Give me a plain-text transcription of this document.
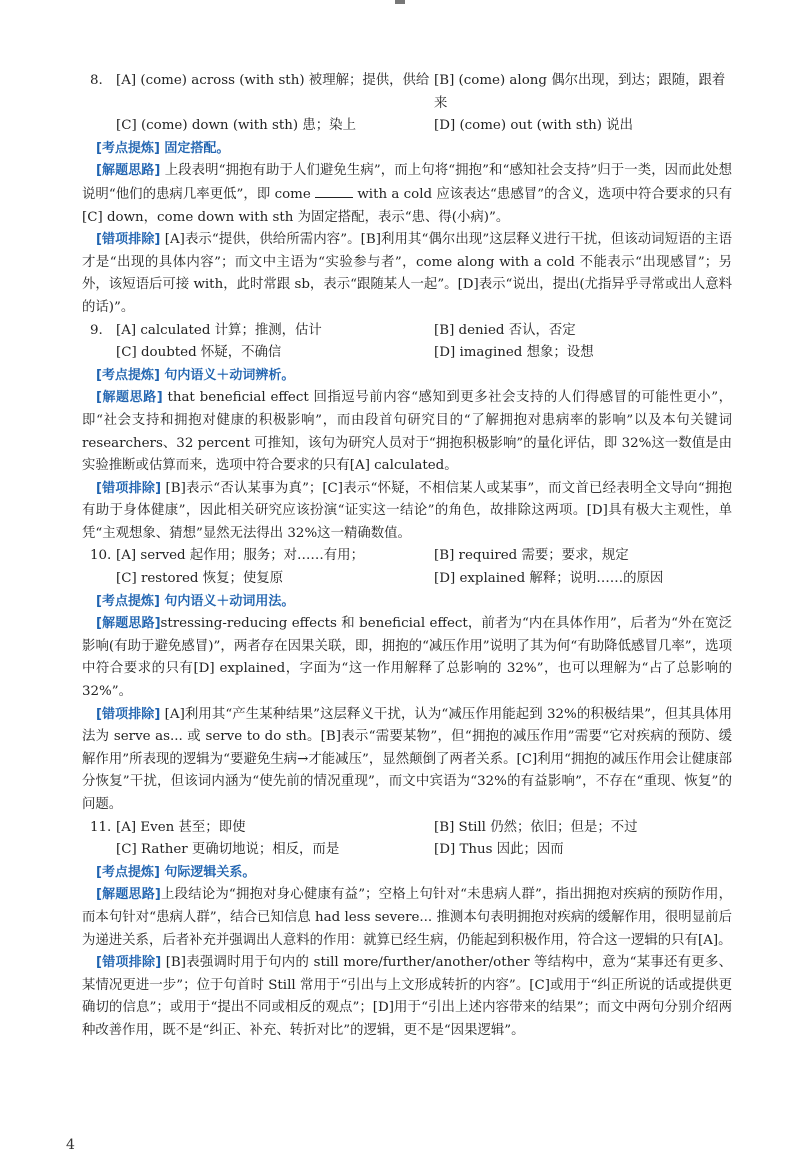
8. [A] (come) across (with sth) 被理解；提供，供给 [B] (come) along 偶尔出现，到达；跟随，跟着来
[C] (come) down (with sth) 患；染上	[D] (come) out (with sth) 说出
[考点提炼] 固定搭配。

[解题思路] 上段表明“拥抱有助于人们避免生病”，而上句将“拥抱”和“感知社会支持”归于一类，因而此处想说明“他们的患病几率更低”，即 come	with a cold 应该表达“患感冒”的含义，选项中符合要求的只有[C] down，come down with sth 为固定搭配，表示“患、得(小病)”。

[错项排除] [A]表示“提供，供给所需内容”。[B]利用其“偶尔出现”这层释义进行干扰，但该动词短语的主语才是“出现的具体内容”；而文中主语为“实验参与者”，come along with a cold 不能表示“出现感冒”；另外，该短语后可接 with，此时常跟 sb，表示“跟随某人一起”。[D]表示“说出，提出(尤指异乎寻常或出人意料的话)”。

9. [A] calculated 计算；推测，估计	[B] denied 否认，否定
[C] doubted 怀疑，不确信	[D] imagined 想象；设想
[考点提炼] 句内语义＋动词辨析。

[解题思路] that beneficial effect 回指逗号前内容“感知到更多社会支持的人们得感冒的可能性更小”，即“社会支持和拥抱对健康的积极影响”，而由段首句研究目的“了解拥抱对患病率的影响”以及本句关键词 researchers、32 percent 可推知，该句为研究人员对于“拥抱积极影响”的量化评估，即 32%这一数值是由实验推断或估算而来，选项中符合要求的只有[A] calculated。

[错项排除] [B]表示“否认某事为真”；[C]表示“怀疑，不相信某人或某事”，而文首已经表明全文导向“拥抱有助于身体健康”，因此相关研究应该扮演“证实这一结论”的角色，故排除这两项。[D]具有极大主观性，单凭“主观想象、猜想”显然无法得出 32%这一精确数值。

10. [A] served 起作用；服务；对……有用；	[B] required 需要；要求，规定
[C] restored 恢复；使复原	[D] explained 解释；说明……的原因
[考点提炼] 句内语义＋动词用法。

[解题思路]stressing-reducing effects 和 beneficial effect，前者为“内在具体作用”，后者为“外在宽泛影响(有助于避免感冒)”，两者存在因果关联，即，拥抱的“减压作用”说明了其为何“有助降低感冒几率”，选项中符合要求的只有[D] explained，字面为“这一作用解释了总影响的 32%”，也可以理解为“占了总影响的 32%”。

[错项排除] [A]利用其“产生某种结果”这层释义干扰，认为“减压作用能起到 32%的积极结果”，但其具体用法为 serve as... 或 serve to do sth。[B]表示“需要某物”，但“拥抱的减压作用”需要“它对疾病的预防、缓解作用”所表现的逻辑为“要避免生病→才能减压”，显然颠倒了两者关系。[C]利用“拥抱的减压作用会让健康部分恢复”干扰，但该词内涵为“使先前的情况重现”，而文中宾语为“32%的有益影响”，不存在“重现、恢复”的问题。

11. [A] Even 甚至；即使	[B] Still 仍然；依旧；但是；不过
[C] Rather 更确切地说；相反，而是	[D] Thus 因此；因而
[考点提炼] 句际逻辑关系。

[解题思路]上段结论为“拥抱对身心健康有益”；空格上句针对“未患病人群”，指出拥抱对疾病的预防作用，而本句针对“患病人群”，结合已知信息 had less severe... 推测本句表明拥抱对疾病的缓解作用，很明显前后为递进关系，后者补充并强调出人意料的作用：就算已经生病，仍能起到积极作用，符合这一逻辑的只有[A]。

[错项排除] [B]表强调时用于句内的 still more/further/another/other 等结构中，意为“某事还有更多、某情况更进一步”；位于句首时 Still 常用于“引出与上文形成转折的内容”。[C]或用于“纠正所说的话或提供更确切的信息”；或用于“提出不同或相反的观点”；[D]用于“引出上述内容带来的结果”；而文中两句分别介绍两种改善作用，既不是“纠正、补充、转折对比”的逻辑，更不是“因果逻辑”。

4
